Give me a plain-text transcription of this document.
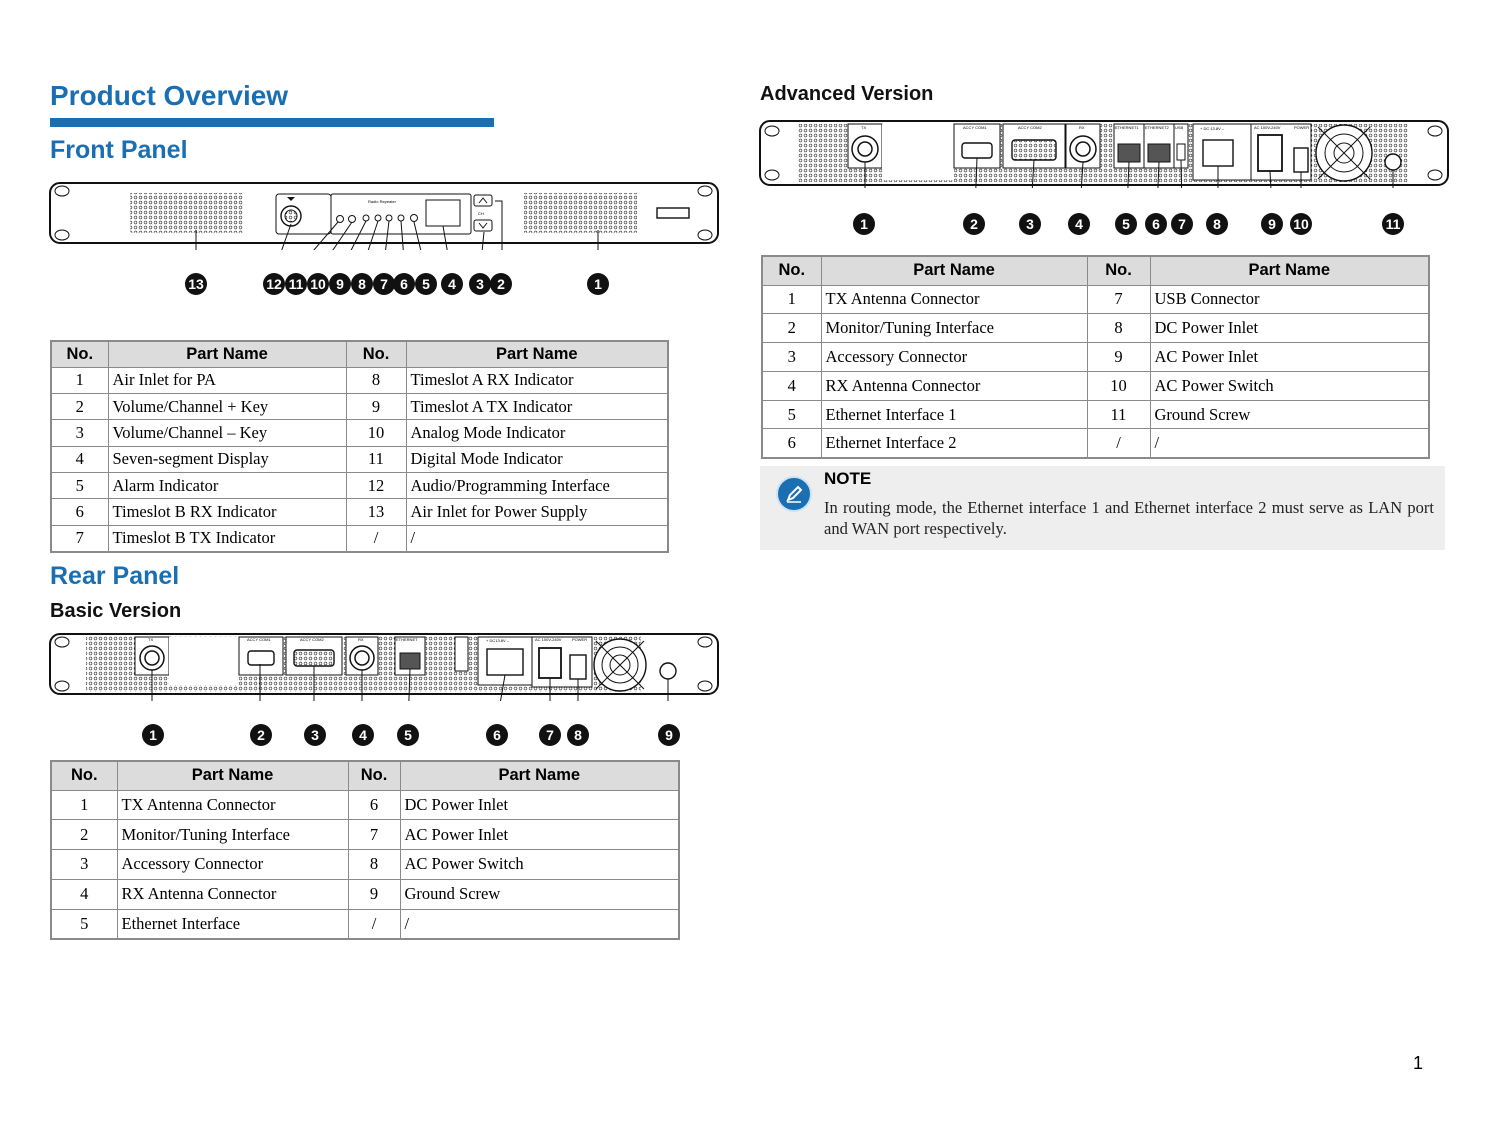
Product Overview
Front Panel
Radio Repeater
CH
13	12 11 10 9	8	7 6	5	4	3 2	1
No.	Part Name	No.	Part Name
1	Air Inlet for PA	8	Timeslot A RX Indicator
2	Volume/Channel + Key	9	Timeslot A TX Indicator
3	Volume/Channel – Key	10	Analog Mode Indicator
4	Seven-segment Display	11	Digital Mode Indicator
5	Alarm Indicator	12	Audio/Programming Interface
6	Timeslot B RX Indicator	13	Air Inlet for Power Supply
7	Timeslot B TX Indicator	/	/
Rear Panel
Basic Version
TX	ACCY COM1	ACCY COM2	RX	ETHERNET	+ DC13.8V –	AC 100V-240V	POWER
1	2	3	4	5	6	7	8	9
No.	Part Name	No.	Part Name
1	TX Antenna Connector	6	DC Power Inlet
2	Monitor/Tuning Interface	7	AC Power Inlet
3	Accessory Connector	8	AC Power Switch
4	RX Antenna Connector	9	Ground Screw
5	Ethernet Interface	/	/
Advanced Version
TX	ACCY COM1	ACCY COM2	RX	ETHERNET1 ETHERNET2 USB	+ DC 13.8V –	AC 100V-240V	POWER
1	2	3	4	5	6	7	8	9	10	11
No.	Part Name	No.	Part Name
1	TX Antenna Connector	7	USB Connector
2	Monitor/Tuning Interface	8	DC Power Inlet
3	Accessory Connector	9	AC Power Inlet
4	RX Antenna Connector	10	AC Power Switch
5	Ethernet Interface 1	11	Ground Screw
6	Ethernet Interface 2	/	/
NOTE
In routing mode, the Ethernet interface 1 and Ethernet interface 2 must serve as LAN port and WAN port respectively.
1
